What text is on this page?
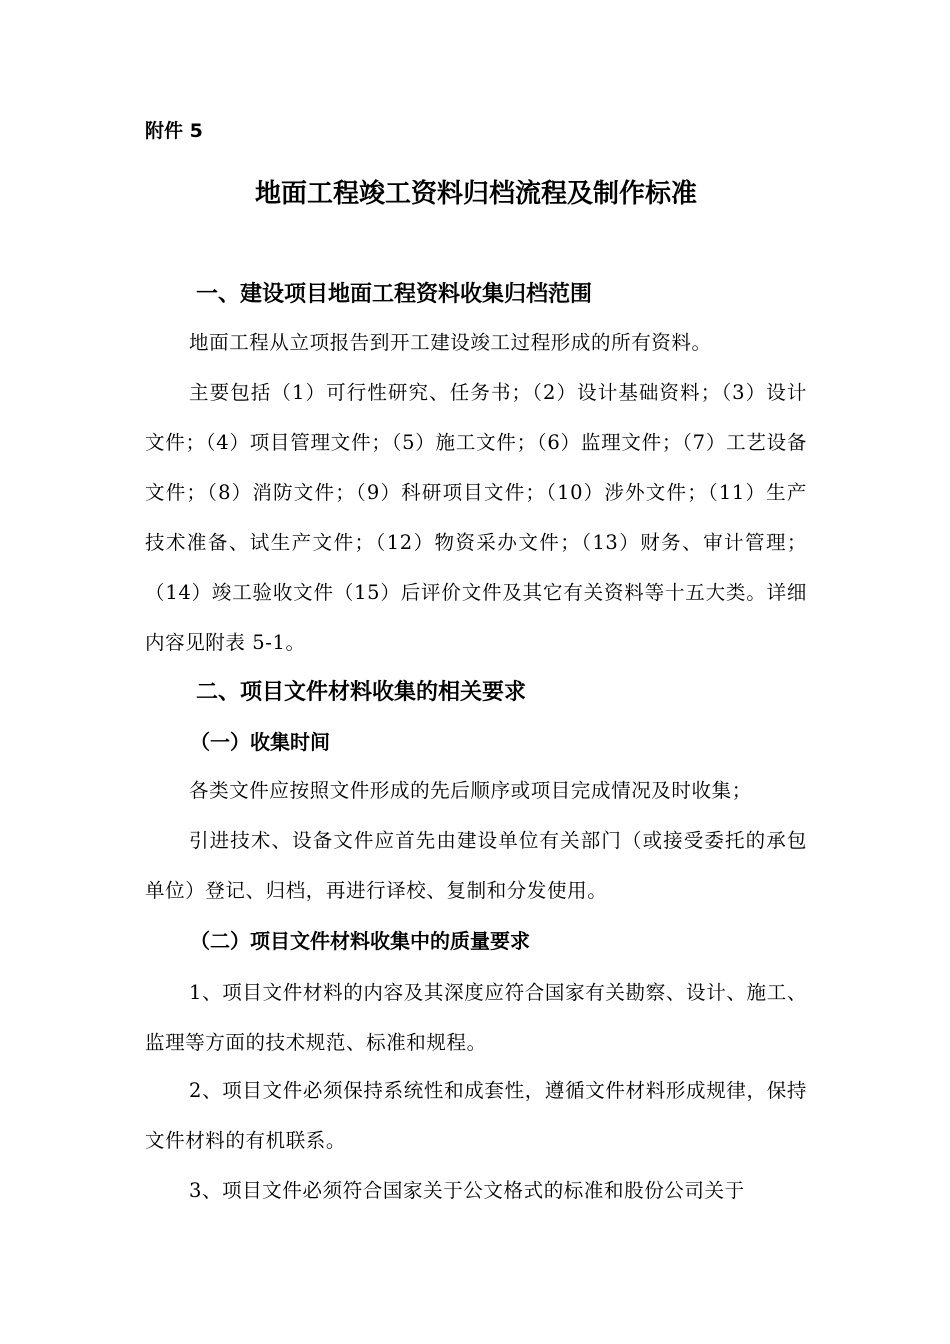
附件 5
地面工程竣工资料归档流程及制作标准
一、建设项目地面工程资料收集归档范围
地面工程从立项报告到开工建设竣工过程形成的所有资料。
主要包括（1）可行性研究、任务书；（2）设计基础资料；（3）设计文件；（4）项目管理文件；（5）施工文件；（6）监理文件；（7）工艺设备文件；（8）消防文件；（9）科研项目文件；（10）涉外文件；（11）生产技术准备、试生产文件；（12）物资采办文件；（13）财务、审计管理；（14）竣工验收文件（15）后评价文件及其它有关资料等十五大类。详细内容见附表 5-1。
二、项目文件材料收集的相关要求
（一）收集时间
各类文件应按照文件形成的先后顺序或项目完成情况及时收集；
引进技术、设备文件应首先由建设单位有关部门（或接受委托的承包单位）登记、归档，再进行译校、复制和分发使用。
（二）项目文件材料收集中的质量要求
1、项目文件材料的内容及其深度应符合国家有关勘察、设计、施工、监理等方面的技术规范、标准和规程。
2、项目文件必须保持系统性和成套性，遵循文件材料形成规律，保持文件材料的有机联系。
3、项目文件必须符合国家关于公文格式的标准和股份公司关于
